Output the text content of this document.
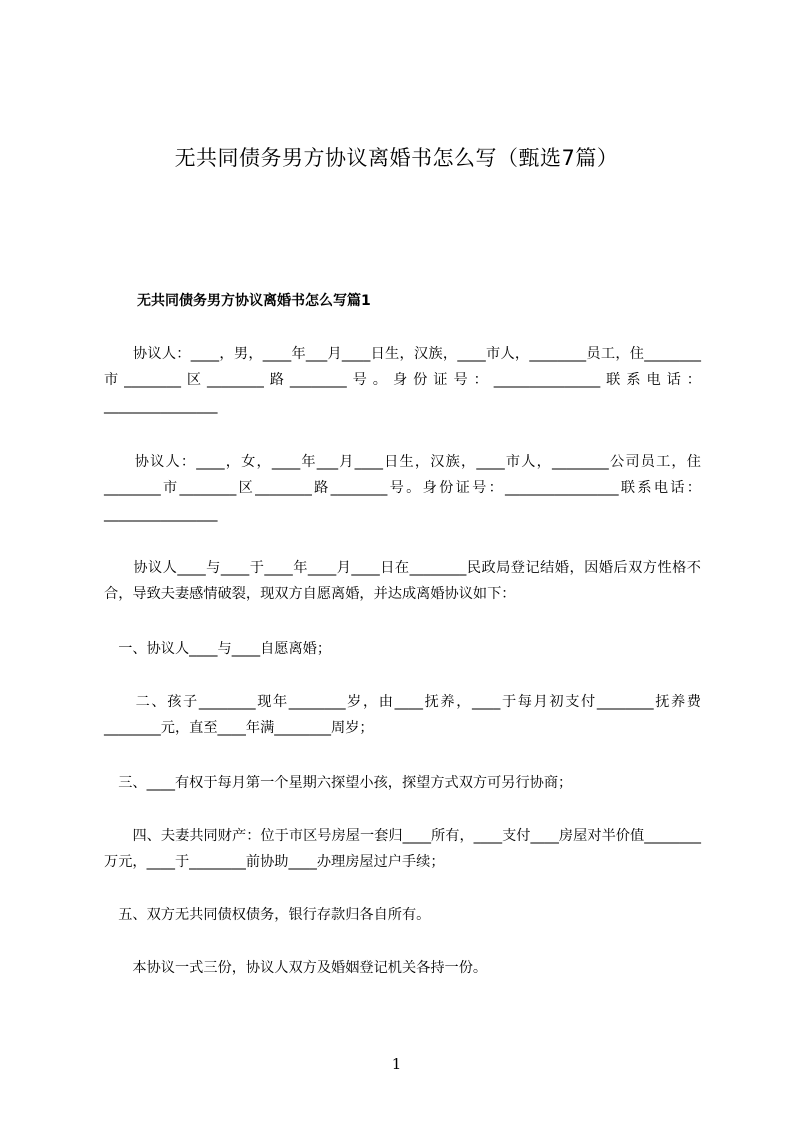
无共同债务男方协议离婚书怎么写（甄选7篇）
无共同债务男方协议离婚书怎么写篇1
　　协议人：____，男，____年___月____日生，汉族，____市人，________员工，住________市________区________路________号。身份证号：_______________联系电话：________________
　　协议人：____，女，____年___月____日生，汉族，____市人，________公司员工，住________市________区________路________号。身份证号：________________联系电话：________________
　　协议人____与____于____年____月____日在________民政局登记结婚，因婚后双方性格不合，导致夫妻感情破裂，现双方自愿离婚，并达成离婚协议如下：
　一、协议人____与____自愿离婚；
　　二、孩子________现年________岁，由____抚养，____于每月初支付________抚养费________元，直至____年满________周岁；
　三、____有权于每月第一个星期六探望小孩，探望方式双方可另行协商；
　　四、夫妻共同财产：位于市区号房屋一套归____所有，____支付____房屋对半价值________万元，____于________前协助____办理房屋过户手续；
　五、双方无共同债权债务，银行存款归各自所有。
　　本协议一式三份，协议人双方及婚姻登记机关各持一份。
1
